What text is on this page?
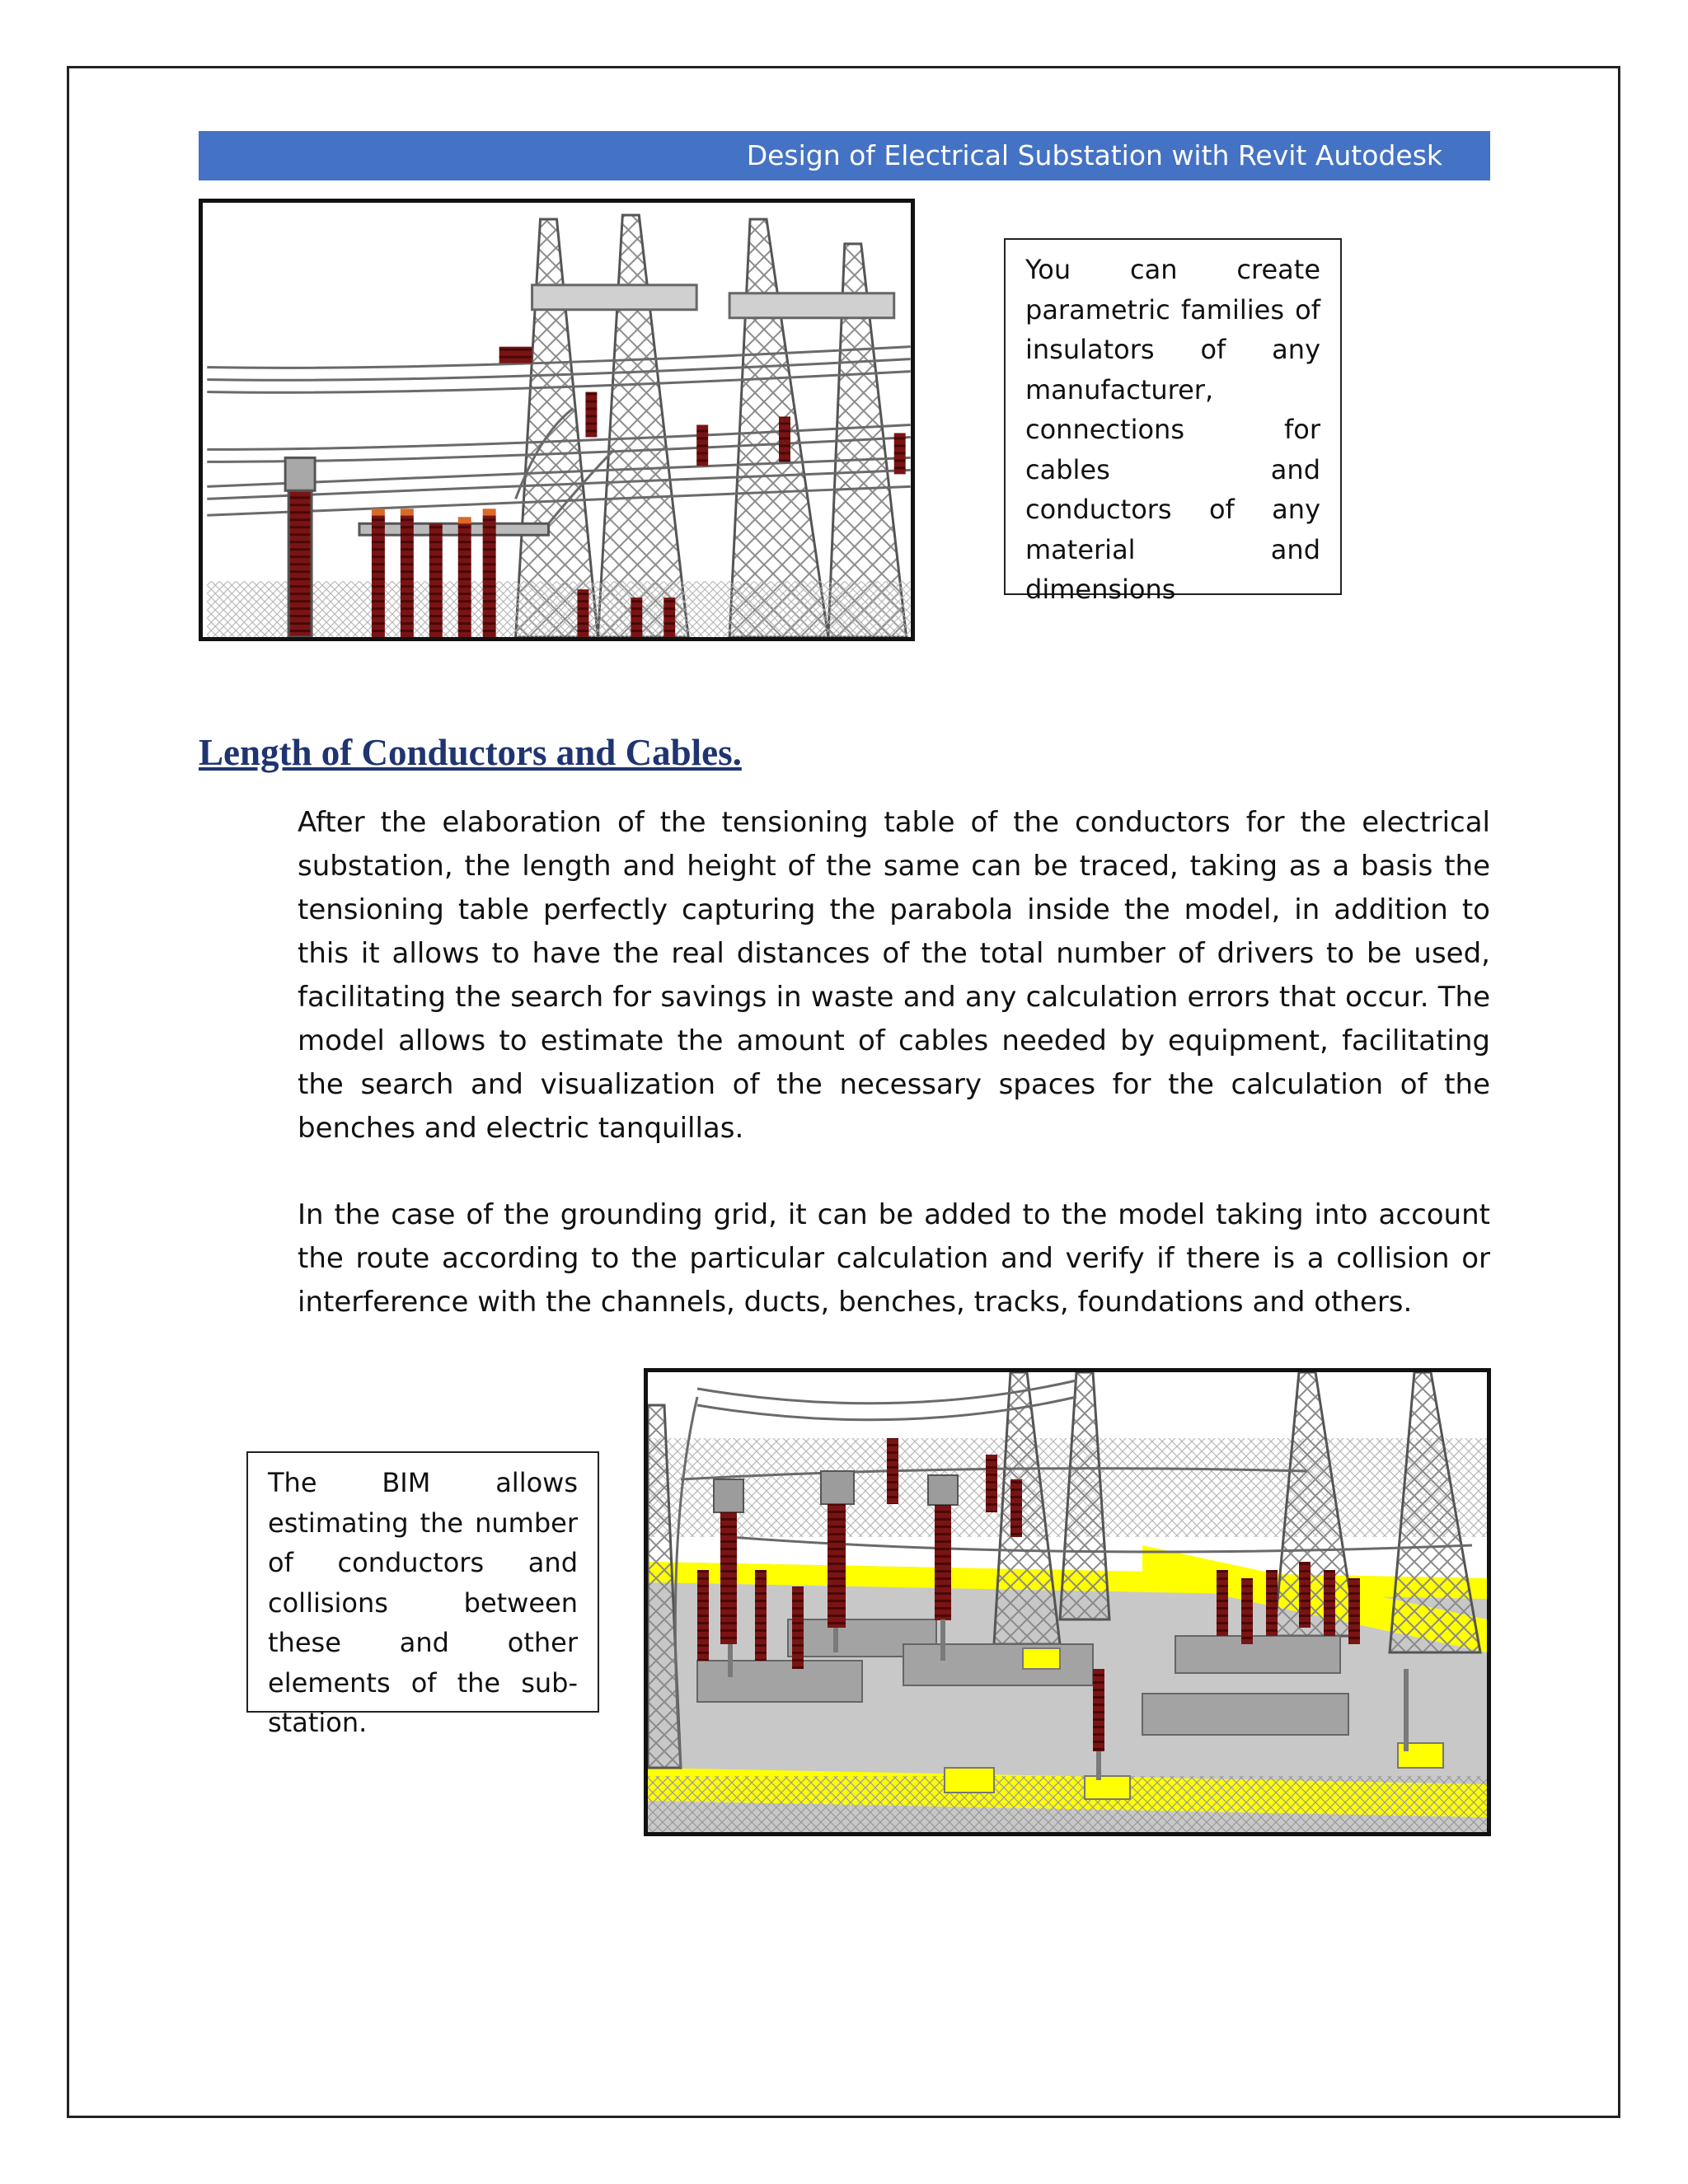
Design of Electrical Substation with Revit Autodesk
You can create parametric families of insulators of any manufacturer, connections for cables and conductors of any material and dimensions
Length of Conductors and Cables.

After the elaboration of the tensioning table of the conductors for the electrical substation, the length and height of the same can be traced, taking as a basis the tensioning table perfectly capturing the parabola inside the model, in addition to this it allows to have the real distances of the total number of drivers to be used, facilitating the search for savings in waste and any calculation errors that occur. The model allows to estimate the amount of cables needed by equipment, facilitating the search and visualization of the necessary spaces for the calculation of the benches and electric tanquillas.

In the case of the grounding grid, it can be added to the model taking into account the route according to the particular calculation and verify if there is a collision or interference with the channels, ducts, benches, tracks, foundations and others.

The BIM allows estimating the number of conductors and collisions between these and other elements of the sub-station.
